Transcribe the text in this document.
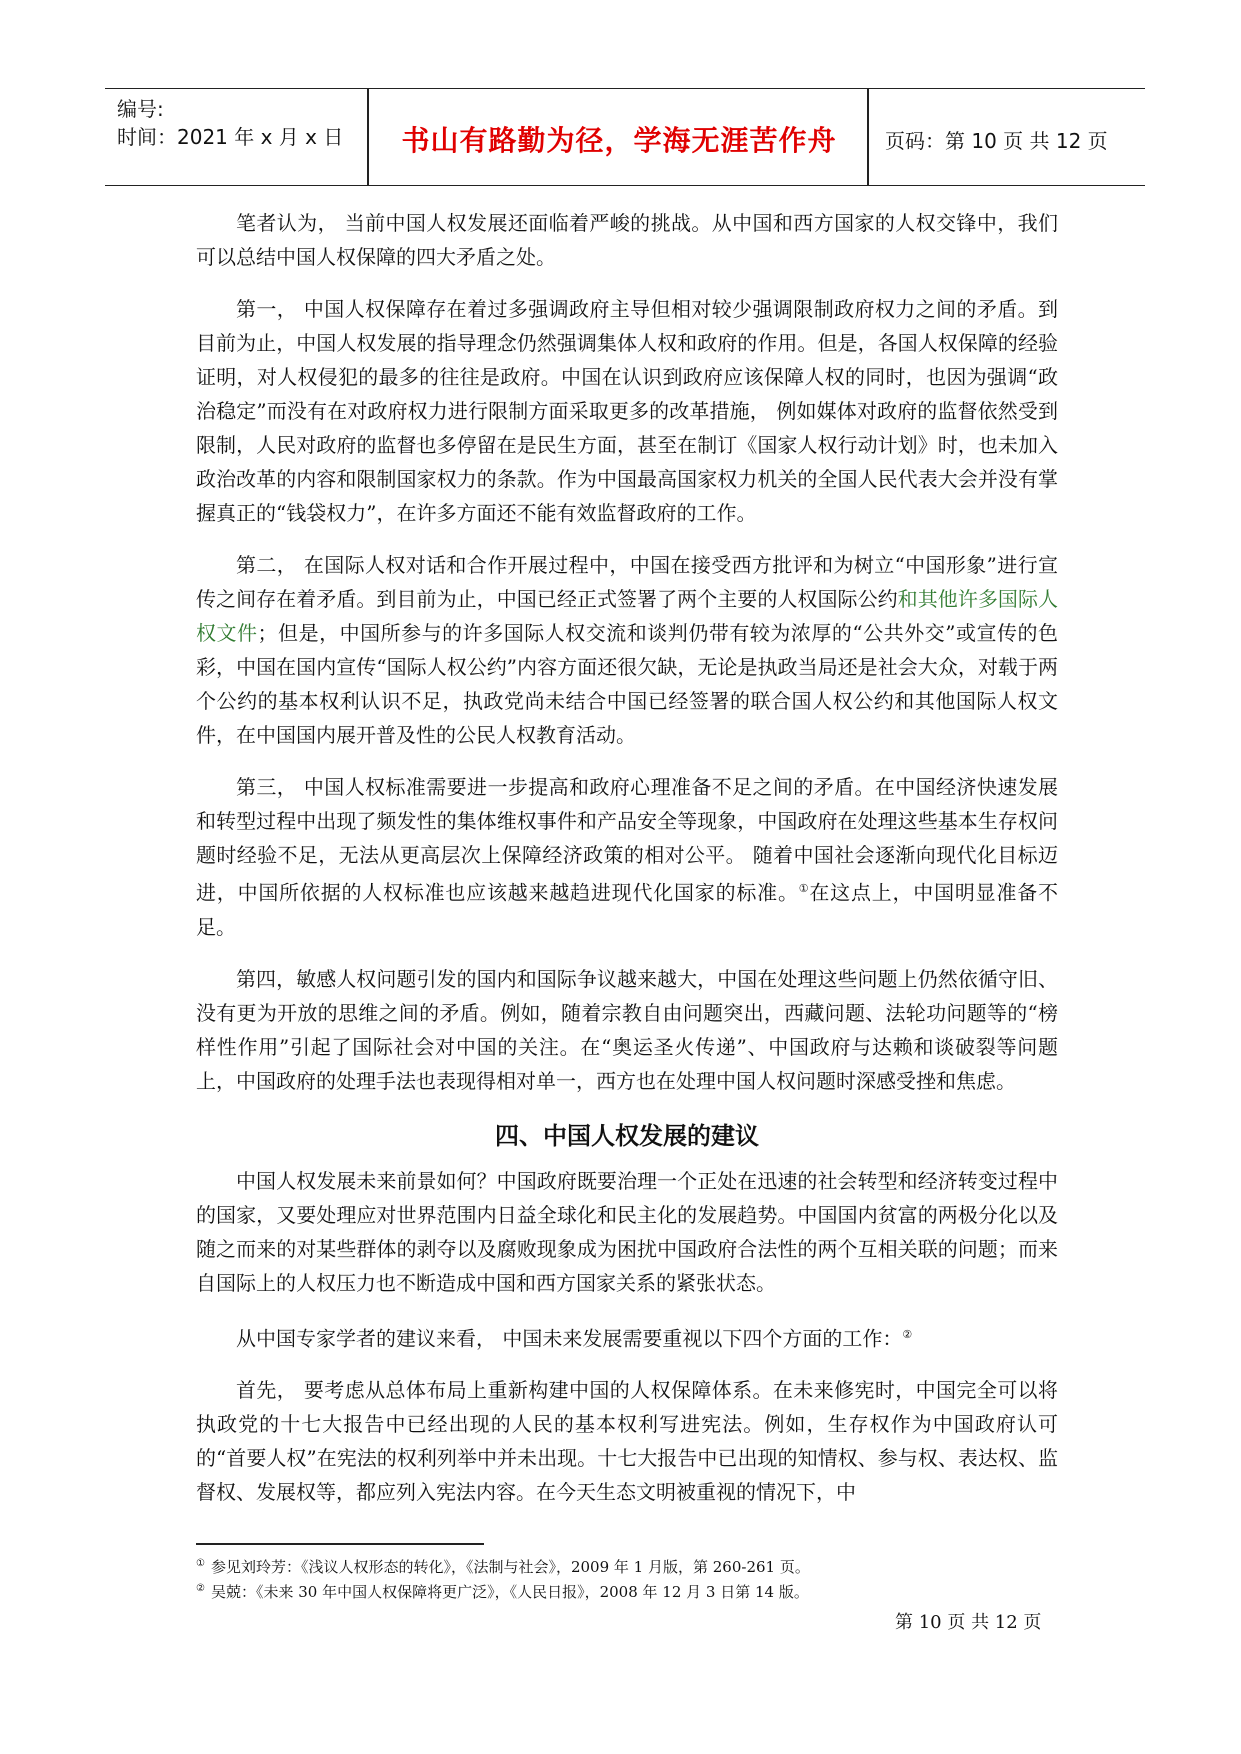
编号:
时间：2021 年 x 月 x 日	书山有路勤为径，学海无涯苦作舟	页码：第 10 页 共 12 页

笔者认为， 当前中国人权发展还面临着严峻的挑战。从中国和西方国家的人权交锋中，我们可以总结中国人权保障的四大矛盾之处。

第一， 中国人权保障存在着过多强调政府主导但相对较少强调限制政府权力之间的矛盾。到目前为止，中国人权发展的指导理念仍然强调集体人权和政府的作用。但是，各国人权保障的经验证明，对人权侵犯的最多的往往是政府。中国在认识到政府应该保障人权的同时，也因为强调“政治稳定”而没有在对政府权力进行限制方面采取更多的改革措施， 例如媒体对政府的监督依然受到限制，人民对政府的监督也多停留在是民生方面，甚至在制订《国家人权行动计划》时，也未加入政治改革的内容和限制国家权力的条款。作为中国最高国家权力机关的全国人民代表大会并没有掌握真正的“钱袋权力”，在许多方面还不能有效监督政府的工作。

第二， 在国际人权对话和合作开展过程中，中国在接受西方批评和为树立“中国形象”进行宣传之间存在着矛盾。到目前为止，中国已经正式签署了两个主要的人权国际公约和其他许多国际人权文件；但是，中国所参与的许多国际人权交流和谈判仍带有较为浓厚的“公共外交”或宣传的色彩，中国在国内宣传“国际人权公约”内容方面还很欠缺，无论是执政当局还是社会大众，对载于两个公约的基本权利认识不足，执政党尚未结合中国已经签署的联合国人权公约和其他国际人权文件，在中国国内展开普及性的公民人权教育活动。

第三， 中国人权标准需要进一步提高和政府心理准备不足之间的矛盾。在中国经济快速发展和转型过程中出现了频发性的集体维权事件和产品安全等现象，中国政府在处理这些基本生存权问题时经验不足，无法从更高层次上保障经济政策的相对公平。 随着中国社会逐渐向现代化目标迈进，中国所依据的人权标准也应该越来越趋进现代化国家的标准。①在这点上，中国明显准备不足。

第四，敏感人权问题引发的国内和国际争议越来越大，中国在处理这些问题上仍然依循守旧、没有更为开放的思维之间的矛盾。例如，随着宗教自由问题突出，西藏问题、法轮功问题等的“榜样性作用”引起了国际社会对中国的关注。在“奥运圣火传递”、中国政府与达赖和谈破裂等问题上，中国政府的处理手法也表现得相对单一，西方也在处理中国人权问题时深感受挫和焦虑。

四、中国人权发展的建议

中国人权发展未来前景如何？中国政府既要治理一个正处在迅速的社会转型和经济转变过程中的国家，又要处理应对世界范围内日益全球化和民主化的发展趋势。中国国内贫富的两极分化以及随之而来的对某些群体的剥夺以及腐败现象成为困扰中国政府合法性的两个互相关联的问题；而来自国际上的人权压力也不断造成中国和西方国家关系的紧张状态。

从中国专家学者的建议来看， 中国未来发展需要重视以下四个方面的工作：②

首先， 要考虑从总体布局上重新构建中国的人权保障体系。在未来修宪时，中国完全可以将执政党的十七大报告中已经出现的人民的基本权利写进宪法。例如，生存权作为中国政府认可的“首要人权”在宪法的权利列举中并未出现。十七大报告中已出现的知情权、参与权、表达权、监督权、发展权等，都应列入宪法内容。在今天生态文明被重视的情况下，中

① 参见刘玲芳：《浅议人权形态的转化》，《法制与社会》，2009 年 1 月版，第 260-261 页。
② 吴兢：《未来 30 年中国人权保障将更广泛》，《人民日报》，2008 年 12 月 3 日第 14 版。
第 10 页 共 12 页
